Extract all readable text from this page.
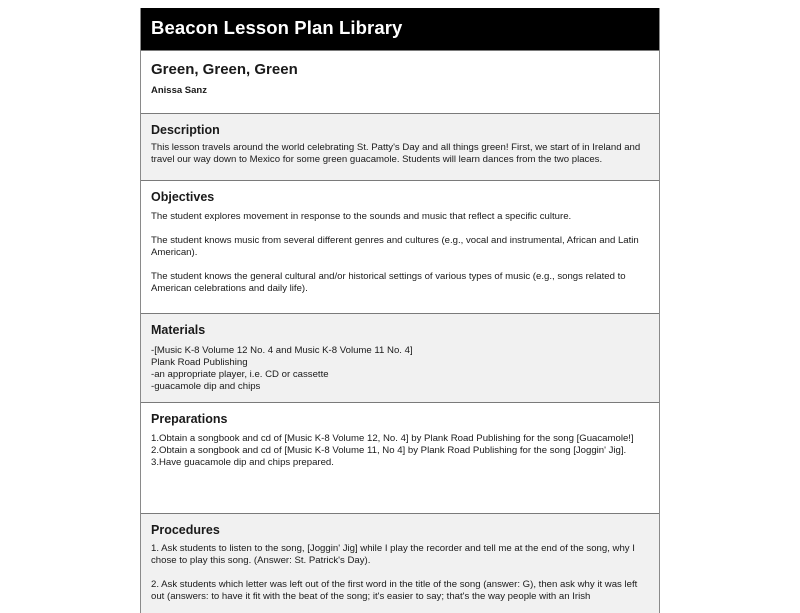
Beacon Lesson Plan Library
Green, Green, Green
Anissa Sanz
Description
This lesson travels around the world celebrating St. Patty's Day and all things green! First, we start of in Ireland and travel our way down to Mexico for some green guacamole. Students will learn dances from the two places.
Objectives

The student explores movement in response to the sounds and music that reflect a specific culture.

The student knows music from several different genres and cultures (e.g., vocal and instrumental, African and Latin American).

The student knows the general cultural and/or historical settings of various types of music (e.g., songs related to American celebrations and daily life).

Materials
-[Music K-8 Volume 12 No. 4 and Music K-8 Volume 11 No. 4]
Plank Road Publishing
-an appropriate player, i.e. CD or cassette
-guacamole dip and chips
Preparations
1.Obtain a songbook and cd of [Music K-8 Volume 12, No. 4] by Plank Road Publishing for the song [Guacamole!]
2.Obtain a songbook and cd of [Music K-8 Volume 11, No 4] by Plank Road Publishing for the song [Joggin' Jig].
3.Have guacamole dip and chips prepared.
Procedures

1. Ask students to listen to the song, [Joggin' Jig] while I play the recorder and tell me at the end of the song, why I chose to play this song. (Answer: St. Patrick's Day).

2. Ask students which letter was left out of the first word in the title of the song (answer: G), then ask why it was left out (answers: to have it fit with the beat of the song; it's easier to say; that's the way people with an Irish
